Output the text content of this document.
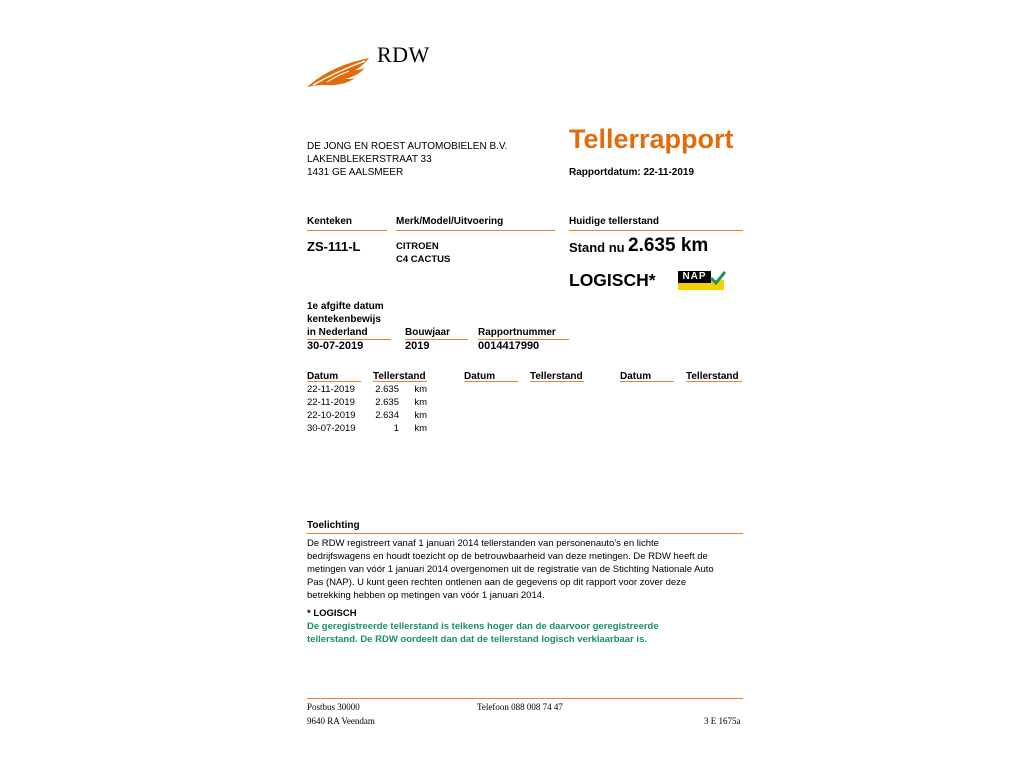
RDW
DE JONG EN ROEST AUTOMOBIELEN B.V.
LAKENBLEKERSTRAAT 33
1431 GE AALSMEER
Tellerrapport
Rapportdatum: 22-11-2019
Kenteken	Merk/Model/Uitvoering	Huidige tellerstand
ZS-111-L	CITROEN
C4 CACTUS
Stand nu 2.635 km
LOGISCH*	NAP
1e afgifte datum
kentekenbewijs
in Nederland
30-07-2019
Bouwjaar
2019
Rapportnummer
0014417990
Datum	Tellerstand	Datum	Tellerstand	Datum	Tellerstand
22-11-2019 2.635 km
22-11-2019 2.635 km
22-10-2019 2.634 km
30-07-2019	1 km
Toelichting
De RDW registreert vanaf 1 januari 2014 tellerstanden van personenauto's en lichte
bedrijfswagens en houdt toezicht op de betrouwbaarheid van deze metingen. De RDW heeft de
metingen van vóór 1 januari 2014 overgenomen uit de registratie van de Stichting Nationale Auto
Pas (NAP). U kunt geen rechten ontlenen aan de gegevens op dit rapport voor zover deze
betrekking hebben op metingen van vóór 1 januari 2014.
* LOGISCH
De geregistreerde tellerstand is telkens hoger dan de daarvoor geregistreerde
tellerstand. De RDW oordeelt dan dat de tellerstand logisch verklaarbaar is.
Postbus 30000
9640 RA Veendam
Telefoon 088 008 74 47
3 E 1675a
